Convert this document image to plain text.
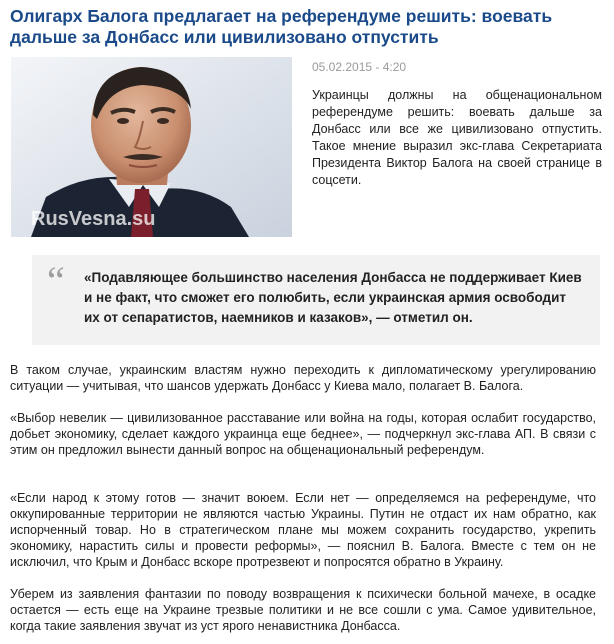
Олигарх Балога предлагает на референдуме решить: воевать дальше за Донбасс или цивилизовано отпустить
RusVesna.su
05.02.2015 - 4:20

Украинцы должны на общенациональном референдуме решить: воевать дальше за Донбасс или все же цивилизовано отпустить. Такое мнение выразил экс-глава Секретариата Президента Виктор Балога на своей странице в соцсети.

“ «Подавляющее большинство населения Донбасса не поддерживает Киев и не факт, что сможет его полюбить, если украинская армия освободит их от сепаратистов, наемников и казаков», — отметил он.

В таком случае, украинским властям нужно переходить к дипломатическому урегулированию ситуации — учитывая, что шансов удержать Донбасс у Киева мало, полагает В. Балога.

«Выбор невелик — цивилизованное расставание или война на годы, которая ослабит государство, добьет экономику, сделает каждого украинца еще беднее», — подчеркнул экс-глава АП. В связи с этим он предложил вынести данный вопрос на общенациональный референдум.

«Если народ к этому готов — значит воюем. Если нет — определяемся на референдуме, что оккупированные территории не являются частью Украины. Путин не отдаст их нам обратно, как испорченный товар. Но в стратегическом плане мы можем сохранить государство, укрепить экономику, нарастить силы и провести реформы», — пояснил В. Балога. Вместе с тем он не исключил, что Крым и Донбасс вскоре протрезвеют и попросятся обратно в Украину.

Уберем из заявления фантазии по поводу возвращения к психически больной мачехе, в осадке остается — есть еще на Украине трезвые политики и не все сошли с ума. Самое удивительное, когда такие заявления звучат из уст ярого ненавистника Донбасса.
